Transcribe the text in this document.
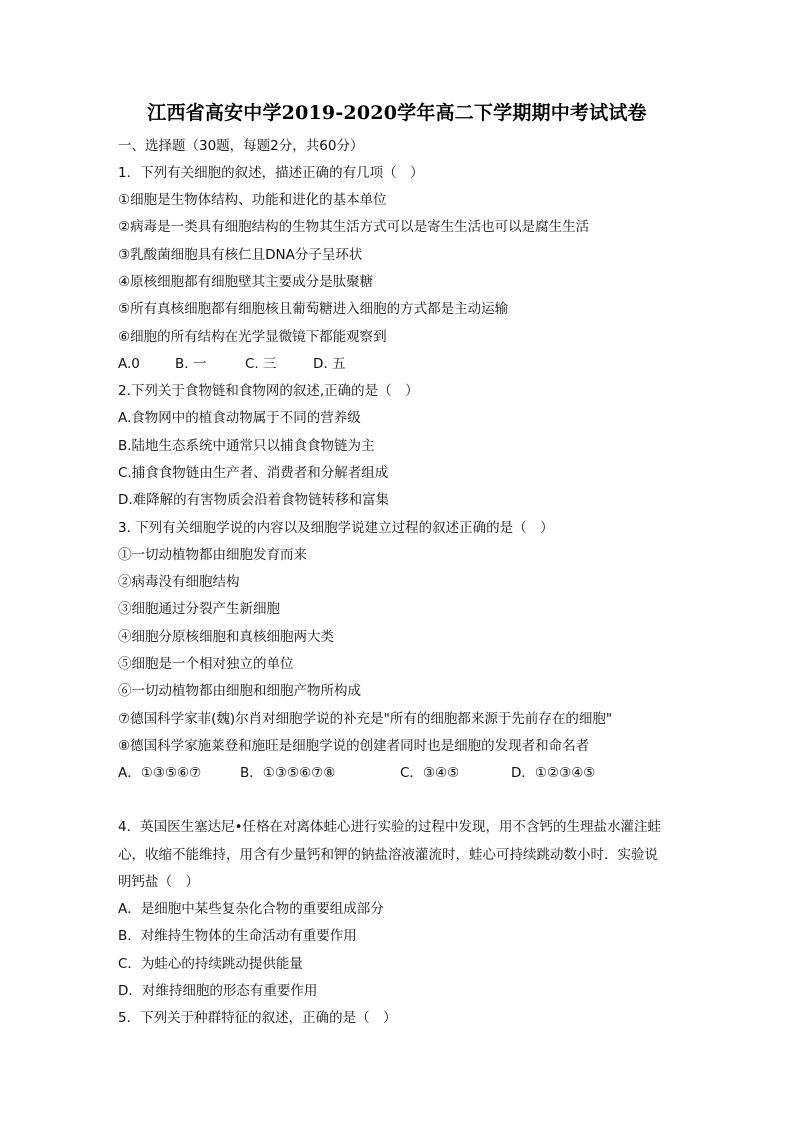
江西省高安中学2019-2020学年高二下学期期中考试试卷
一、选择题（30题，每题2分，共60分）
1．下列有关细胞的叙述，描述正确的有几项（　）
①细胞是生物体结构、功能和进化的基本单位
②病毒是一类具有细胞结构的生物其生活方式可以是寄生生活也可以是腐生生活
③乳酸菌细胞具有核仁且DNA分子呈环状
④原核细胞都有细胞壁其主要成分是肽聚糖
⑤所有真核细胞都有细胞核且葡萄糖进入细胞的方式都是主动运输
⑥细胞的所有结构在光学显微镜下都能观察到
A.0	B. 一	C. 三	D. 五
2.下列关于食物链和食物网的叙述,正确的是（　）
A.食物网中的植食动物属于不同的营养级
B.陆地生态系统中通常只以捕食食物链为主
C.捕食食物链由生产者、消费者和分解者组成
D.难降解的有害物质会沿着食物链转移和富集
3. 下列有关细胞学说的内容以及细胞学说建立过程的叙述正确的是（　）
①一切动植物都由细胞发育而来
②病毒没有细胞结构
③细胞通过分裂产生新细胞
④细胞分原核细胞和真核细胞两大类
⑤细胞是一个相对独立的单位
⑥一切动植物都由细胞和细胞产物所构成
⑦德国科学家菲(魏)尔肖对细胞学说的补充是"所有的细胞都来源于先前存在的细胞"
⑧德国科学家施莱登和施旺是细胞学说的创建者同时也是细胞的发现者和命名者
A．①③⑤⑥⑦	B．①③⑤⑥⑦⑧	C．③④⑤	D．①②③④⑤
4．英国医生塞达尼•任格在对离体蛙心进行实验的过程中发现，用不含钙的生理盐水灌注蛙
心，收缩不能维持，用含有少量钙和钾的钠盐溶液灌流时，蛙心可持续跳动数小时．实验说
明钙盐（　）
A．是细胞中某些复杂化合物的重要组成部分
B．对维持生物体的生命活动有重要作用
C．为蛙心的持续跳动提供能量
D．对维持细胞的形态有重要作用
5．下列关于种群特征的叙述，正确的是（　）
